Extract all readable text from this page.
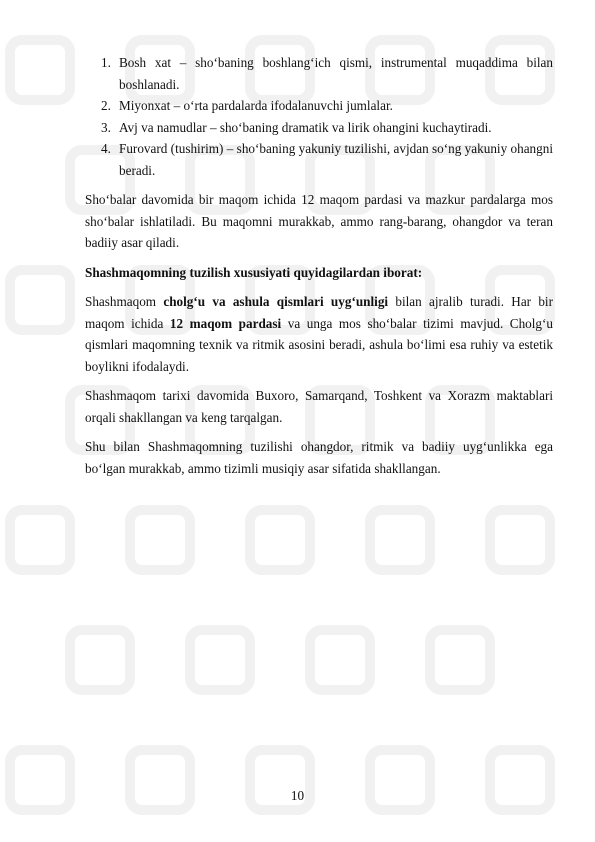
1. Bosh xat – sho‘baning boshlang‘ich qismi, instrumental muqaddima bilan boshlanadi.
2. Miyonxat – o‘rta pardalarda ifodalanuvchi jumlalar.
3. Avj va namudlar – sho‘baning dramatik va lirik ohangini kuchaytiradi.
4. Furovard (tushirim) – sho‘baning yakuniy tuzilishi, avjdan so‘ng yakuniy ohangni beradi.

Sho‘balar davomida bir maqom ichida 12 maqom pardasi va mazkur pardalarga mos sho‘balar ishlatiladi. Bu maqomni murakkab, ammo rang-barang, ohangdor va teran badiiy asar qiladi.

Shashmaqomning tuzilish xususiyati quyidagilardan iborat:

Shashmaqom cholg‘u va ashula qismlari uyg‘unligi bilan ajralib turadi. Har bir maqom ichida 12 maqom pardasi va unga mos sho‘balar tizimi mavjud. Cholg‘u qismlari maqomning texnik va ritmik asosini beradi, ashula bo‘limi esa ruhiy va estetik boylikni ifodalaydi.

Shashmaqom tarixi davomida Buxoro, Samarqand, Toshkent va Xorazm maktablari orqali shakllangan va keng tarqalgan.

Shu bilan Shashmaqomning tuzilishi ohangdor, ritmik va badiiy uyg‘unlikka ega bo‘lgan murakkab, ammo tizimli musiqiy asar sifatida shakllangan.

10
